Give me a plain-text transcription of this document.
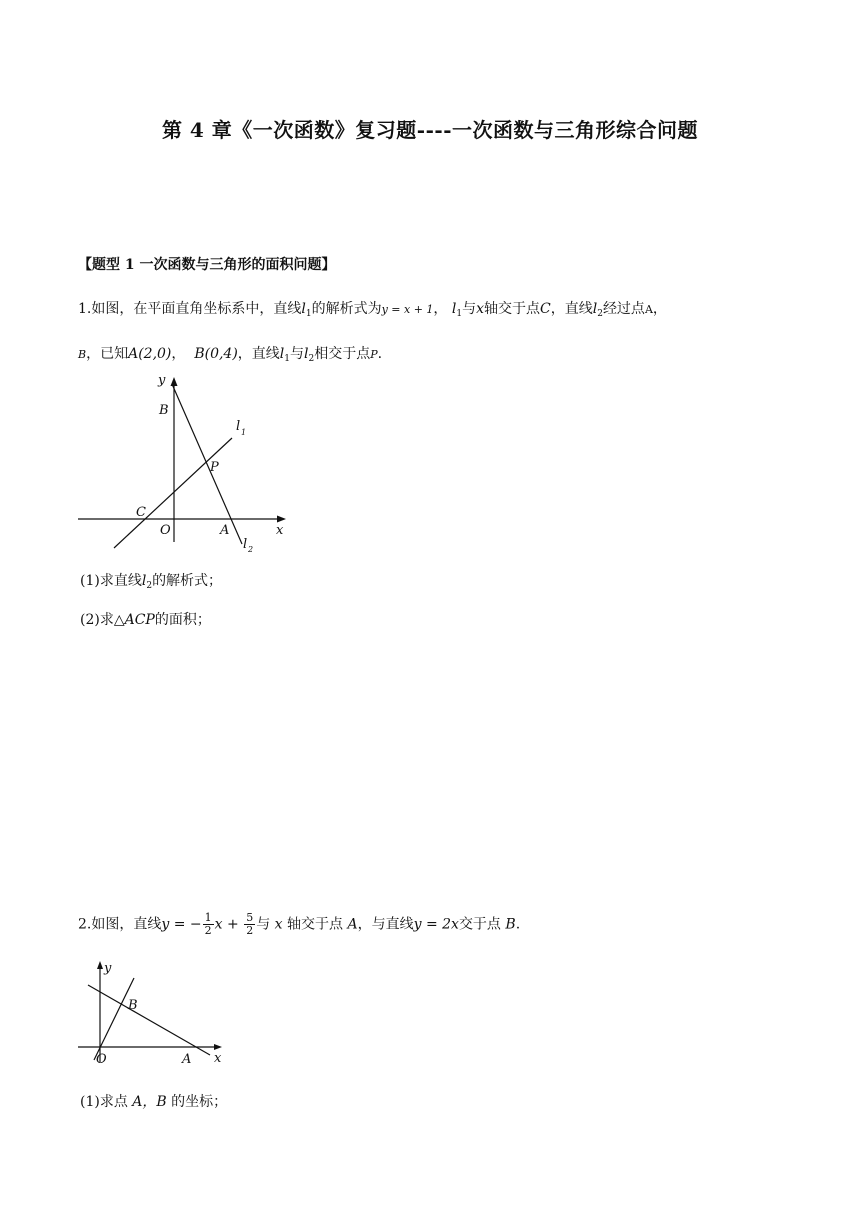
第 4 章《一次函数》复习题----一次函数与三角形综合问题
【题型 1 一次函数与三角形的面积问题】
1.如图，在平面直角坐标系中，直线$l_1$的解析式为y = x + 1， $l_1$与x轴交于点C，直线$l_2$经过点A，
B，已知A(2,0)， B(0,4)，直线$l_1$与$l_2$相交于点P.
y
x
B
l 1
P
C
O	A
l 2
(1)求直线$l_2$的解析式；
(2)求△ACP的面积；
2.如图，直线y = − $\frac{1}{2}$ $x + \frac{5}{2}$ 与 x 轴交于点 A，与直线y = 2x交于点 B.
y
x
B
O	A
(1)求点 A，B 的坐标；
